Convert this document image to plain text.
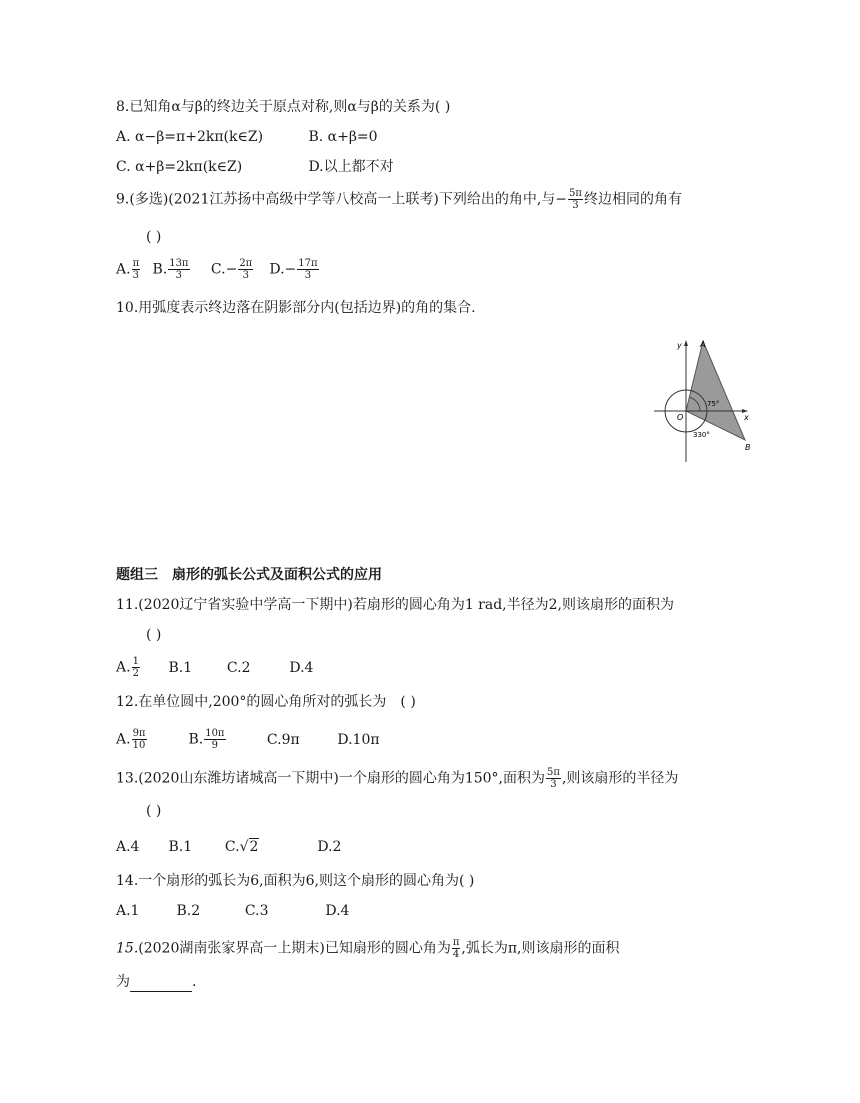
8.已知角α与β的终边关于原点对称,则α与β的关系为( )
A. α−β=π+2kπ(k∈Z)	B. α+β=0
C. α+β=2kπ(k∈Z)	D.以上都不对
9.(多选)(2021江苏扬中高级中学等八校高一上联考)下列给出的角中,与− $\frac{5\pi}{3}$ 终边相同的角有
( )
A. $\frac{\pi}{3} B$. $\frac{13\pi}{3} C.- \frac{2\pi}{3} D.- \frac{17\pi}{3}$
10.用弧度表示终边落在阴影部分内(包括边界)的角的集合.
y A
x
O
B
75°
330°
题组三　扇形的弧长公式及面积公式的应用
11.(2020辽宁省实验中学高一下期中)若扇形的圆心角为1 rad,半径为2,则该扇形的面积为
( )
A. $\frac{1}{2} B.1$ C.2	D.4
12.在单位圆中,200°的圆心角所对的弧长为　( )
A. $\frac{9\pi}{10}$	B. $\frac{10\pi}{9}$	C.9π	D.10π
13.(2020山东潍坊诸城高一下期中)一个扇形的圆心角为150°,面积为 $\frac{5\pi}{3}$ ,则该扇形的半径为
( )
A.4 B.1 C.√2	D.2
14.一个扇形的弧长为6,面积为6,则这个扇形的圆心角为( )
A.1	B.2	C.3	D.4
15.(2020湖南张家界高一上期末)已知扇形的圆心角为 $\frac{\pi}{4}$ ,弧长为π,则该扇形的面积
为	.
